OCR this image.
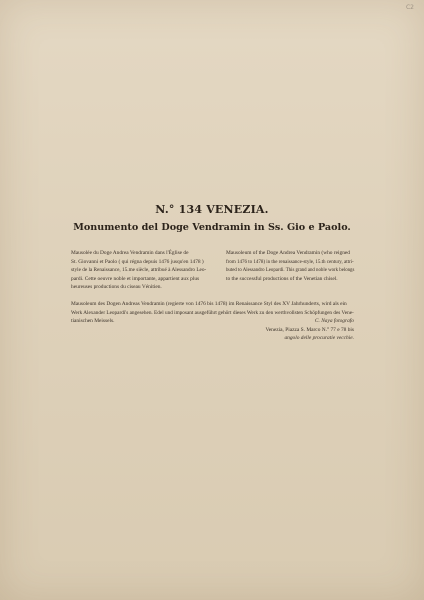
C2
N.° 134 VENEZIA.
Monumento del Doge Vendramin in Ss. Gio e Paolo.
Mausolée du Doge Andrea Vendramin dans l'Église de
St. Giovanni et Paolo ( qui régna depuis 1476 jusqu'en 1478 )
style de la Renaissance, 15.me siècle, attribué à Alessandro Leo-
pardi. Cette oeuvre noble et importante, appartient aux plus
heureuses productions du ciseau Vénitien.
Mausoleum of the Doge Andrea Vendramin (who reigned
from 1476 to 1478) in the renaissance-style, 15.th century, attri-
buted to Alessandro Leopardi. This grand and noble work belongs
to the successful productions of the Venetian chisel.
Mausoleum des Dogen Andreas Vendramin (regierte von 1476 bis 1478) im Renaissance Styl des XV Jahrhunderts, wird als ein
Werk Alexander Leopardi's angesehen. Edel und imposant ausgeführt gehört dieses Werk zu den werthvollsten Schöpfungen des Vene-
tianischen Meissels.	C. Naya fotografo
Venezia, Piazza S. Marco N.° 77 e 78 bis
angolo delle procuratie vecchie.
